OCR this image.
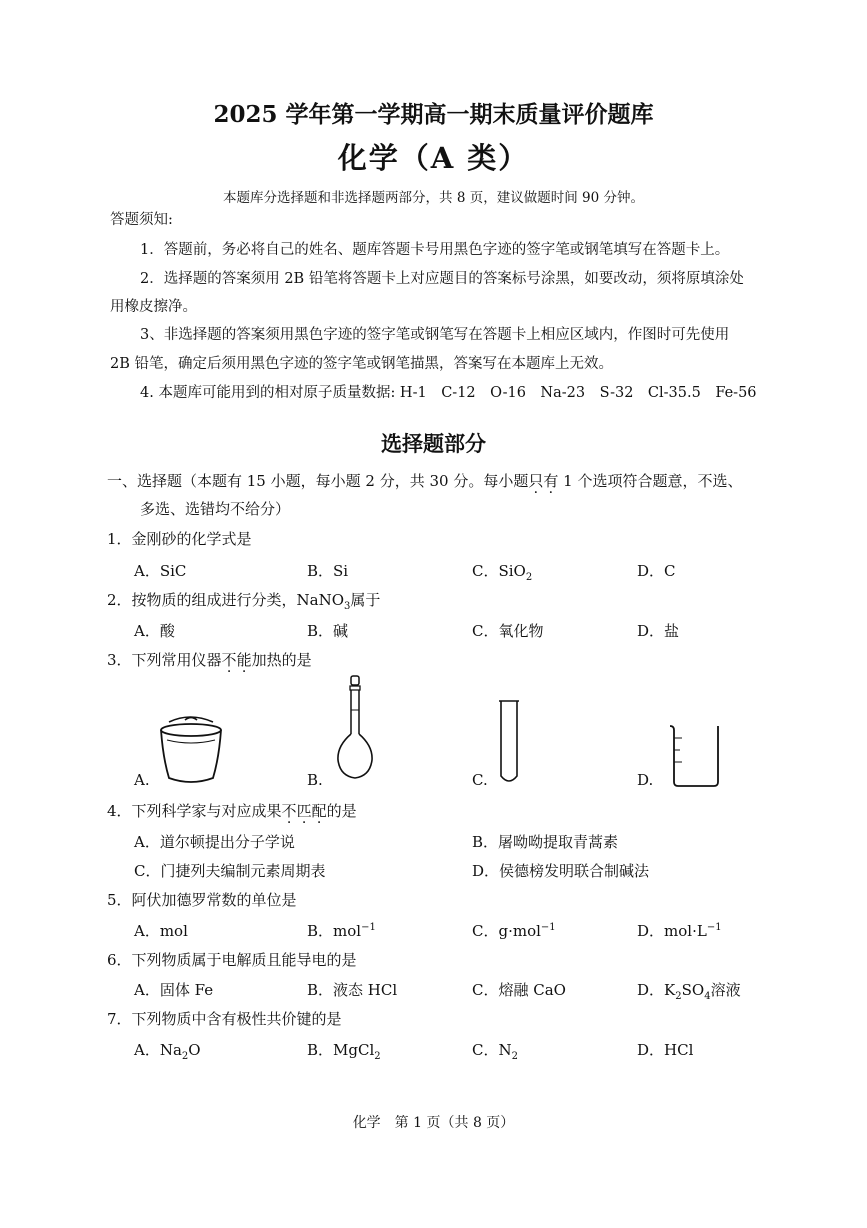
2025 学年第一学期高一期末质量评价题库
化学（A 类）
本题库分选择题和非选择题两部分，共 8 页，建议做题时间 90 分钟。
答题须知:
1．答题前，务必将自己的姓名、题库答题卡号用黑色字迹的签字笔或钢笔填写在答题卡上。
2．选择题的答案须用 2B 铅笔将答题卡上对应题目的答案标号涂黑，如要改动，须将原填涂处
用橡皮擦净。
3、非选择题的答案须用黑色字迹的签字笔或钢笔写在答题卡上相应区域内，作图时可先使用
2B 铅笔，确定后须用黑色字迹的签字笔或钢笔描黑，答案写在本题库上无效。
4. 本题库可能用到的相对原子质量数据: H-1　C-12　O-16　Na-23　S-32　Cl-35.5　Fe-56
选择题部分
一、选择题（本题有 15 小题，每小题 2 分，共 30 分。每小题只有 1 个选项符合题意，不选、
多选、选错均不给分）
1．金刚砂的化学式是
A．SiC	B．Si	C．SiO$_2$	D．C
2．按物质的组成进行分类，NaNO$_3$属于
A．酸	B．碱	C．氧化物	D．盐
3．下列常用仪器不能加热的是
A.	B.	C.	D.
4．下列科学家与对应成果不匹配的是
A．道尔顿提出分子学说	B．屠呦呦提取青蒿素
C．门捷列夫编制元素周期表	D．侯德榜发明联合制碱法
5．阿伏加德罗常数的单位是
A．mol	B．mol$^{-1}$	C．g·mol$^{-1}$	D．$mol\cdot L^{-1}$
6．下列物质属于电解质且能导电的是
A．固体 Fe	B．液态 HCl	C．熔融 CaO	D．$K_2SO_4$溶液
7．下列物质中含有极性共价键的是
A．$Na_2O$	B．MgCl$_2$	C．$N_2$	D．HCl
化学　第 1 页（共 8 页）
